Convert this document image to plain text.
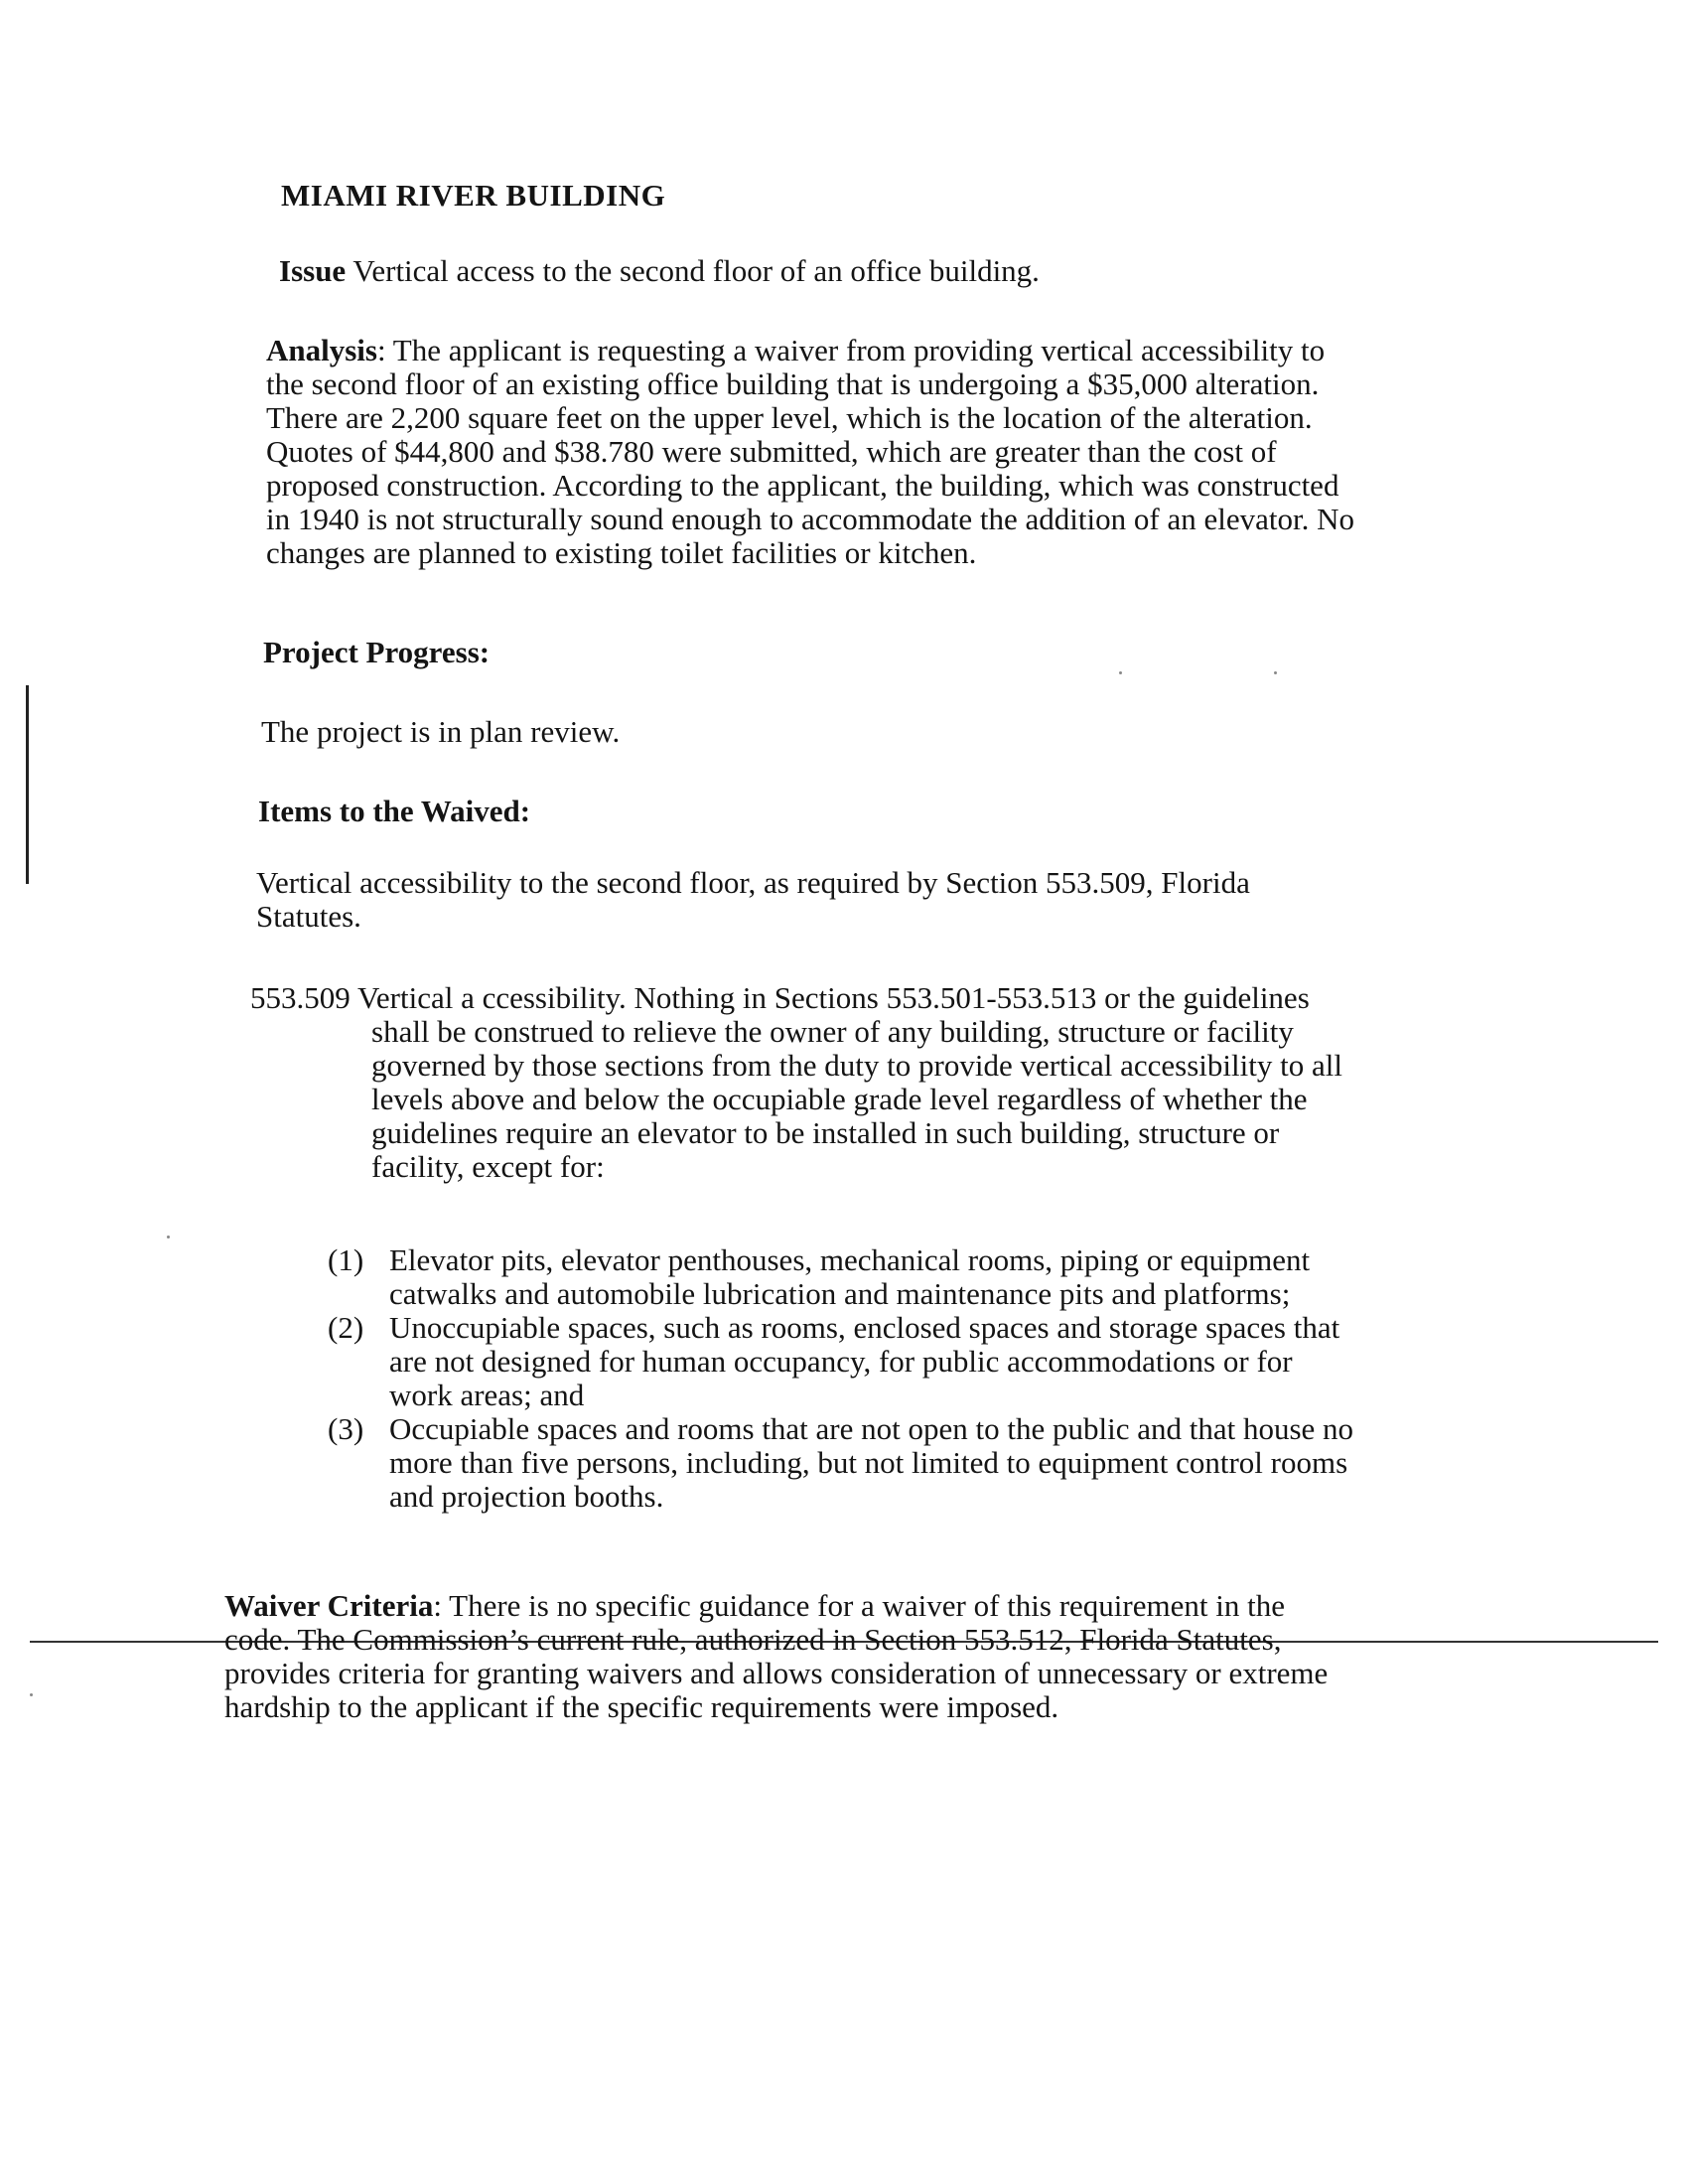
MIAMI RIVER BUILDING
Issue Vertical access to the second floor of an office building.
Analysis: The applicant is requesting a waiver from providing vertical accessibility to
the second floor of an existing office building that is undergoing a $35,000 alteration.
There are 2,200 square feet on the upper level, which is the location of the alteration.
Quotes of $44,800 and $38.780 were submitted, which are greater than the cost of
proposed construction. According to the applicant, the building, which was constructed
in 1940 is not structurally sound enough to accommodate the addition of an elevator. No
changes are planned to existing toilet facilities or kitchen.
Project Progress:
The project is in plan review.
Items to the Waived:
Vertical accessibility to the second floor, as required by Section 553.509, Florida
Statutes.
553.509 Vertical a ccessibility. Nothing in Sections 553.501-553.513 or the guidelines
shall be construed to relieve the owner of any building, structure or facility
governed by those sections from the duty to provide vertical accessibility to all
levels above and below the occupiable grade level regardless of whether the
guidelines require an elevator to be installed in such building, structure or
facility, except for:
(1) Elevator pits, elevator penthouses, mechanical rooms, piping or equipment
catwalks and automobile lubrication and maintenance pits and platforms;
(2) Unoccupiable spaces, such as rooms, enclosed spaces and storage spaces that
are not designed for human occupancy, for public accommodations or for
work areas; and
(3) Occupiable spaces and rooms that are not open to the public and that house no
more than five persons, including, but not limited to equipment control rooms
and projection booths.
Waiver Criteria: There is no specific guidance for a waiver of this requirement in the
code. The Commission’s current rule, authorized in Section 553.512, Florida Statutes,
provides criteria for granting waivers and allows consideration of unnecessary or extreme
hardship to the applicant if the specific requirements were imposed.
